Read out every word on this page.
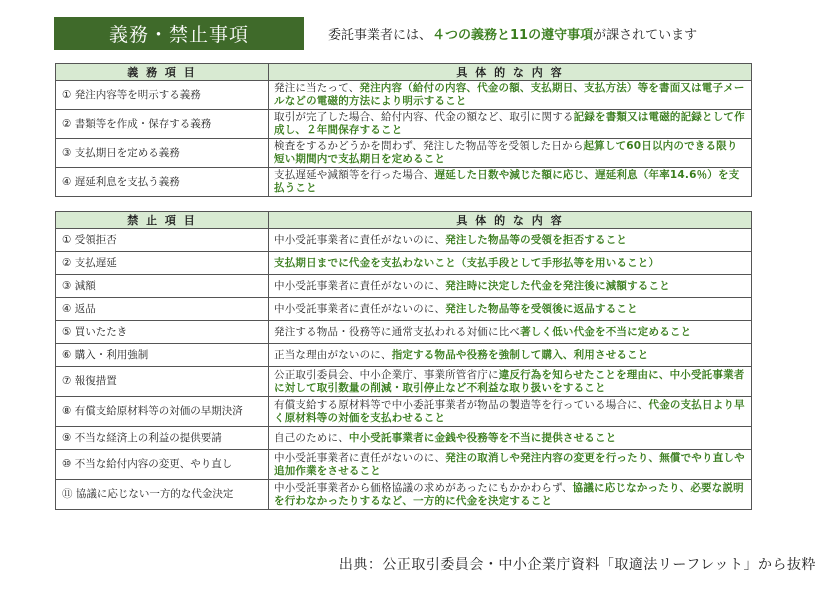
義務・禁止事項	委託事業者には、４つの義務と11の遵守事項が課されています
義 務 項 目	具 体 的 な 内 容
① 発注内容等を明示する義務	発注に当たって、発注内容（給付の内容、代金の額、支払期日、支払方法）等を書面又は電子メールなどの電磁的方法により明示すること
② 書類等を作成・保存する義務	取引が完了した場合、給付内容、代金の額など、取引に関する記録を書類又は電磁的記録として作成し、２年間保存すること
③ 支払期日を定める義務	検査をするかどうかを問わず、発注した物品等を受領した日から起算して60日以内のできる限り短い期間内で支払期日を定めること
④ 遅延利息を支払う義務	支払遅延や減額等を行った場合、遅延した日数や減じた額に応じ、遅延利息（年率14.6％）を支払うこと
禁 止 項 目	具 体 的 な 内 容
① 受領拒否	中小受託事業者に責任がないのに、発注した物品等の受領を拒否すること
② 支払遅延	支払期日までに代金を支払わないこと（支払手段として手形払等を用いること）
③ 減額	中小受託事業者に責任がないのに、発注時に決定した代金を発注後に減額すること
④ 返品	中小受託事業者に責任がないのに、発注した物品等を受領後に返品すること
⑤ 買いたたき	発注する物品・役務等に通常支払われる対価に比べ著しく低い代金を不当に定めること
⑥ 購入・利用強制	正当な理由がないのに、指定する物品や役務を強制して購入、利用させること
⑦ 報復措置	公正取引委員会、中小企業庁、事業所管省庁に違反行為を知らせたことを理由に、中小受託事業者に対して取引数量の削減・取引停止など不利益な取り扱いをすること
⑧ 有償支給原材料等の対価の早期決済	有償支給する原材料等で中小委託事業者が物品の製造等を行っている場合に、代金の支払日より早く原材料等の対価を支払わせること
⑨ 不当な経済上の利益の提供要請	自己のために、中小受託事業者に金銭や役務等を不当に提供させること
⑩ 不当な給付内容の変更、やり直し	中小受託事業者に責任がないのに、発注の取消しや発注内容の変更を行ったり、無償でやり直しや追加作業をさせること
⑪ 協議に応じない一方的な代金決定	中小受託事業者から価格協議の求めがあったにもかかわらず、協議に応じなかったり、必要な説明を行わなかったりするなど、一方的に代金を決定すること
出典：公正取引委員会・中小企業庁資料「取適法リーフレット」から抜粋
